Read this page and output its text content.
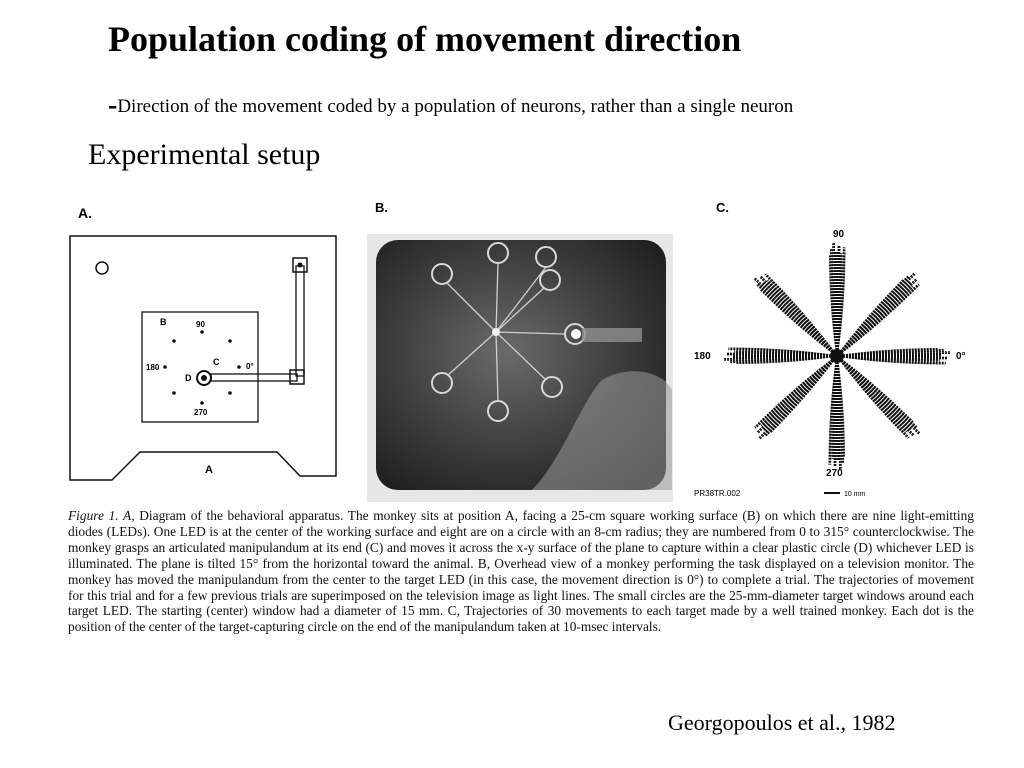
Population coding of movement direction
-Direction of the movement coded by a population of neurons, rather than a single neuron
Experimental setup
A.
B	90
180
270
0°
C
D
A
B.	C.
90
180	0°
270
PR38TR.002	10 mm
Figure 1. A, Diagram of the behavioral apparatus. The monkey sits at position A, facing a 25-cm square working surface (B) on which there are nine light-emitting diodes (LEDs). One LED is at the center of the working surface and eight are on a circle with an 8-cm radius; they are numbered from 0 to 315° counterclockwise. The monkey grasps an articulated manipulandum at its end (C) and moves it across the x-y surface of the plane to capture within a clear plastic circle (D) whichever LED is illuminated. The plane is tilted 15° from the horizontal toward the animal. B, Overhead view of a monkey performing the task displayed on a television monitor. The monkey has moved the manipulandum from the center to the target LED (in this case, the movement direction is 0°) to complete a trial. The trajectories of movement for this trial and for a few previous trials are superimposed on the television image as light lines. The small circles are the 25-mm-diameter target windows around each target LED. The starting (center) window had a diameter of 15 mm. C, Trajectories of 30 movements to each target made by a well trained monkey. Each dot is the position of the center of the target-capturing circle on the end of the manipulandum taken at 10-msec intervals.
Georgopoulos et al., 1982
